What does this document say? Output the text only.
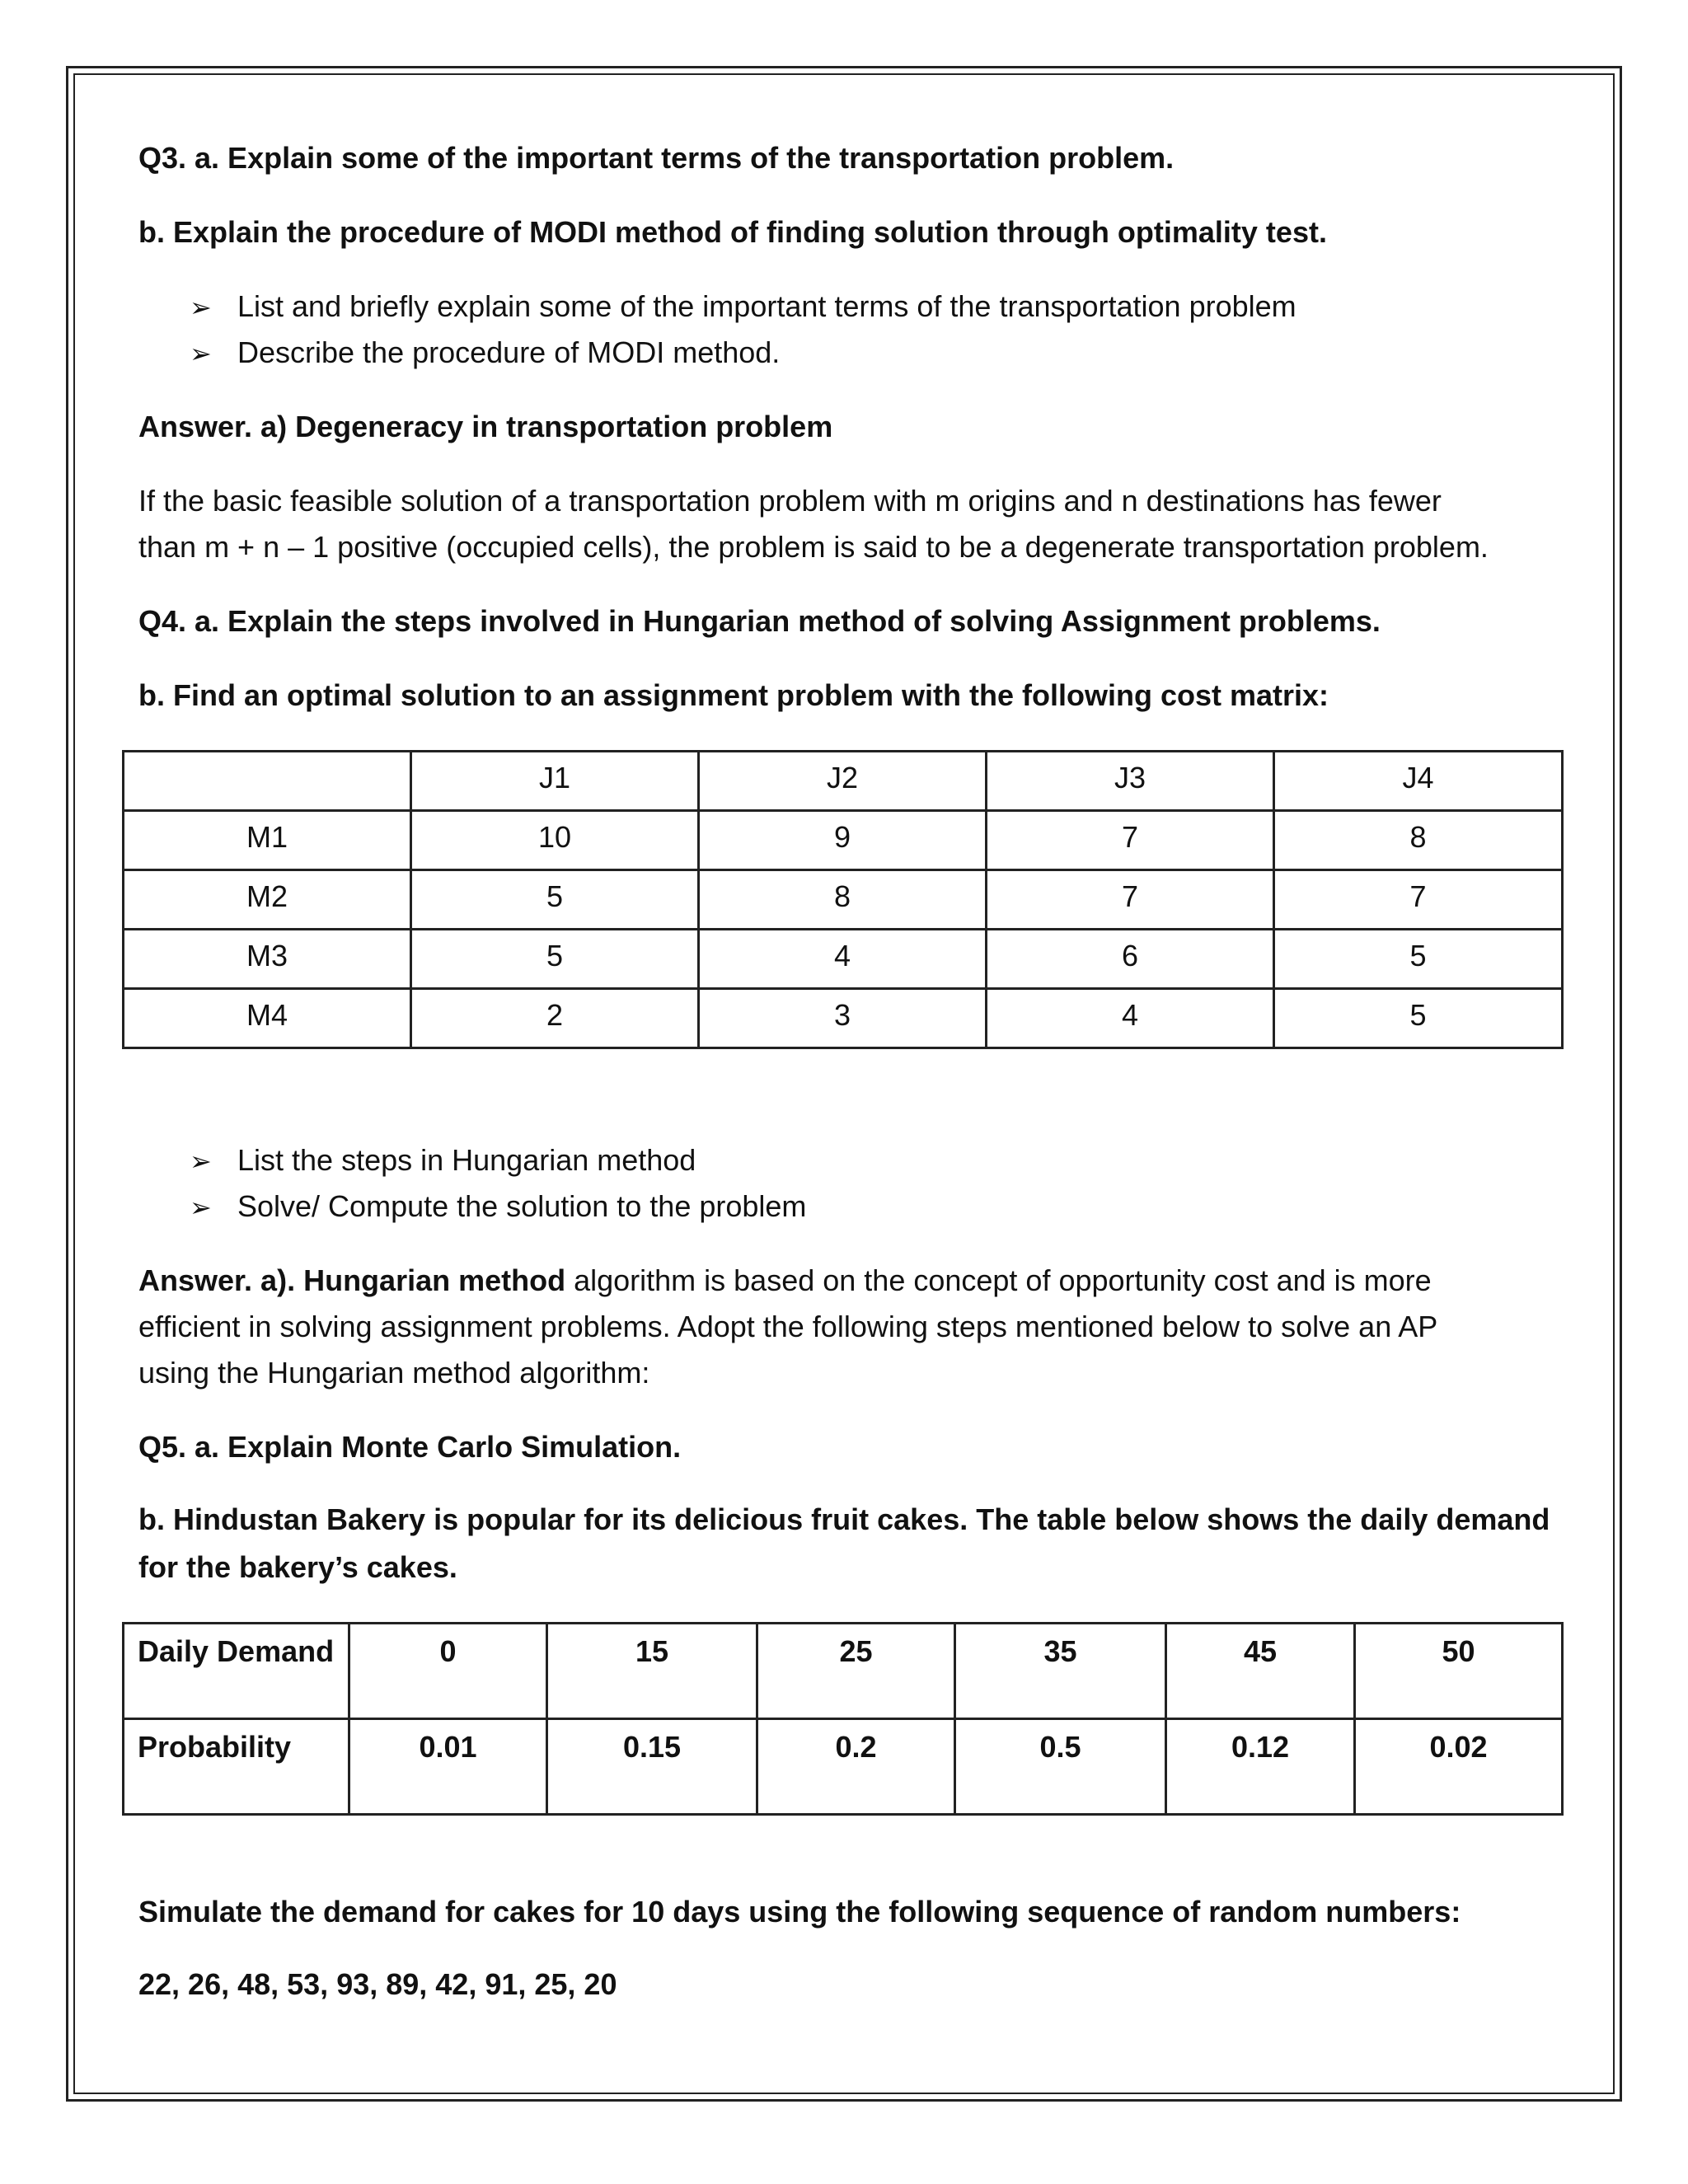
Q3. a. Explain some of the important terms of the transportation problem.
b. Explain the procedure of MODI method of finding solution through optimality test.
➢ List and briefly explain some of the important terms of the transportation problem
➢ Describe the procedure of MODI method.
Answer. a) Degeneracy in transportation problem
If the basic feasible solution of a transportation problem with m origins and n destinations has fewer
than m + n – 1 positive (occupied cells), the problem is said to be a degenerate transportation problem.
Q4. a. Explain the steps involved in Hungarian method of solving Assignment problems.
b. Find an optimal solution to an assignment problem with the following cost matrix:
	J1	J2	J3	J4
M1	10	9	7	8
M2	5	8	7	7
M3	5	4	6	5
M4	2	3	4	5
➢ List the steps in Hungarian method
➢ Solve/ Compute the solution to the problem
Answer. a). Hungarian method algorithm is based on the concept of opportunity cost and is more
efficient in solving assignment problems. Adopt the following steps mentioned below to solve an AP
using the Hungarian method algorithm:
Q5. a. Explain Monte Carlo Simulation.
b. Hindustan Bakery is popular for its delicious fruit cakes. The table below shows the daily demand
for the bakery’s cakes.
Daily Demand	0	15	25	35	45	50
Probability	0.01	0.15	0.2	0.5	0.12	0.02
Simulate the demand for cakes for 10 days using the following sequence of random numbers:
22, 26, 48, 53, 93, 89, 42, 91, 25, 20
